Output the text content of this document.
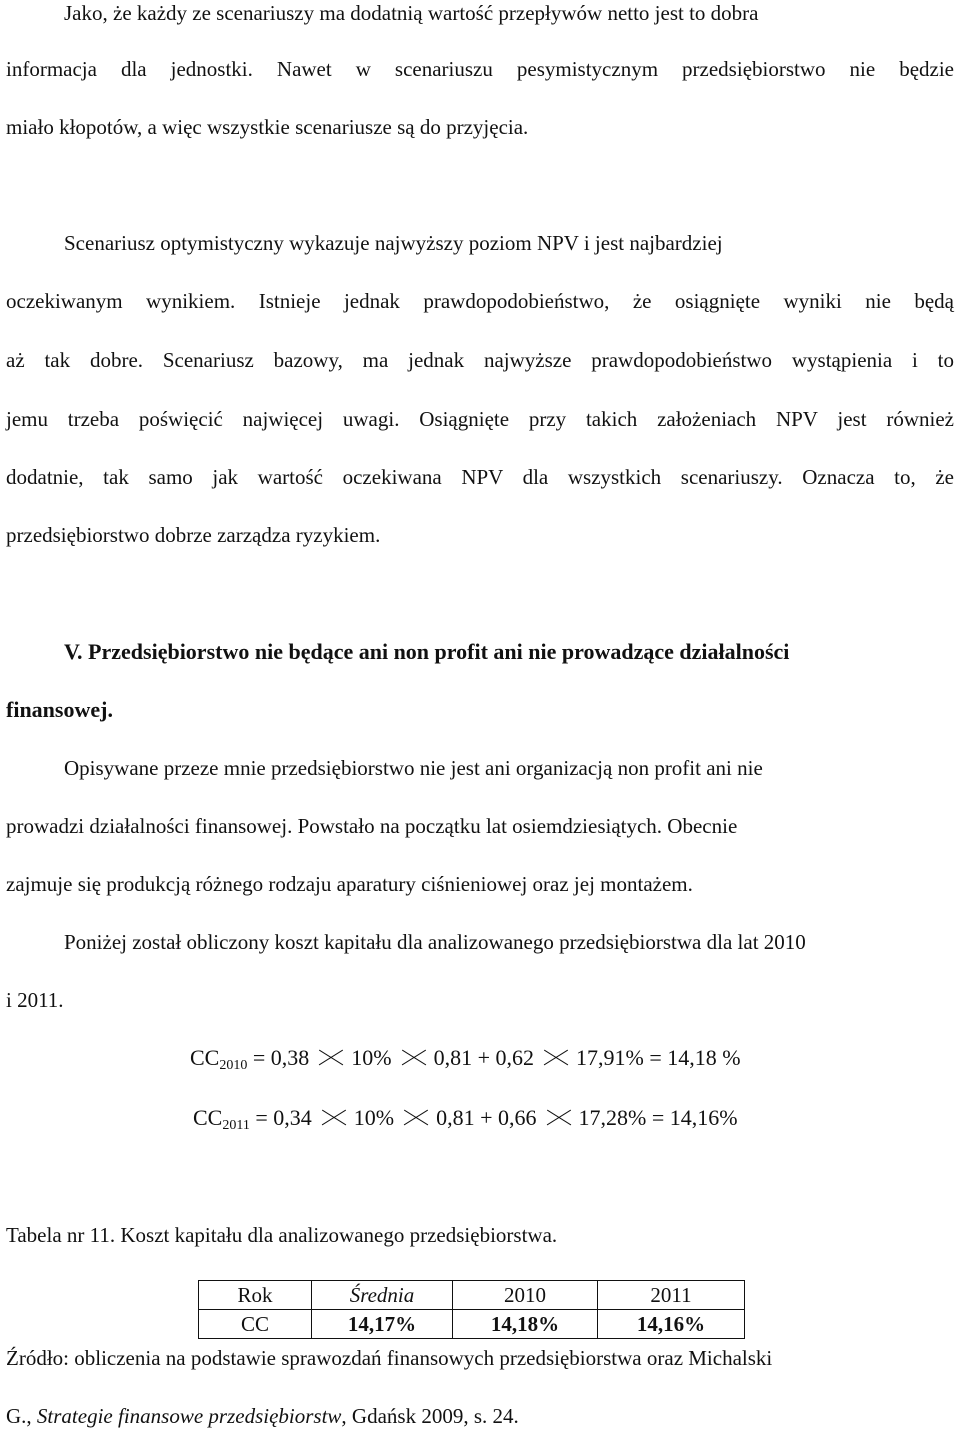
Jako, że każdy ze scenariuszy ma dodatnią wartość przepływów netto jest to dobra
informacja dla jednostki. Nawet w scenariuszu pesymistycznym przedsiębiorstwo nie będzie
miało kłopotów, a więc wszystkie scenariusze są do przyjęcia.
Scenariusz optymistyczny wykazuje najwyższy poziom NPV i jest najbardziej
oczekiwanym wynikiem. Istnieje jednak prawdopodobieństwo, że osiągnięte wyniki nie będą
aż tak dobre. Scenariusz bazowy, ma jednak najwyższe prawdopodobieństwo wystąpienia i to
jemu trzeba poświęcić najwięcej uwagi. Osiągnięte przy takich założeniach NPV jest również
dodatnie, tak samo jak wartość oczekiwana NPV dla wszystkich scenariuszy. Oznacza to, że
przedsiębiorstwo dobrze zarządza ryzykiem.
V. Przedsiębiorstwo nie będące ani non profit ani nie prowadzące działalności
finansowej.
Opisywane przeze mnie przedsiębiorstwo nie jest ani organizacją non profit ani nie
prowadzi działalności finansowej. Powstało na początku lat osiemdziesiątych. Obecnie
zajmuje się produkcją różnego rodzaju aparatury ciśnieniowej oraz jej montażem.
Poniżej został obliczony koszt kapitału dla analizowanego przedsiębiorstwa dla lat 2010
i 2011.
$CC_{2010} = 0,38$ 10% 0,81 + 0,62 17,91% = 14,18 %
$CC_{2011} = 0,34$ 10% 0,81 + 0,66 17,28% = 14,16%
Tabela nr 11. Koszt kapitału dla analizowanego przedsiębiorstwa.
Rok	Średnia	2010	2011
CC	14,17%	14,18%	14,16%
Źródło: obliczenia na podstawie sprawozdań finansowych przedsiębiorstwa oraz Michalski
G., Strategie finansowe przedsiębiorstw, Gdańsk 2009, s. 24.
